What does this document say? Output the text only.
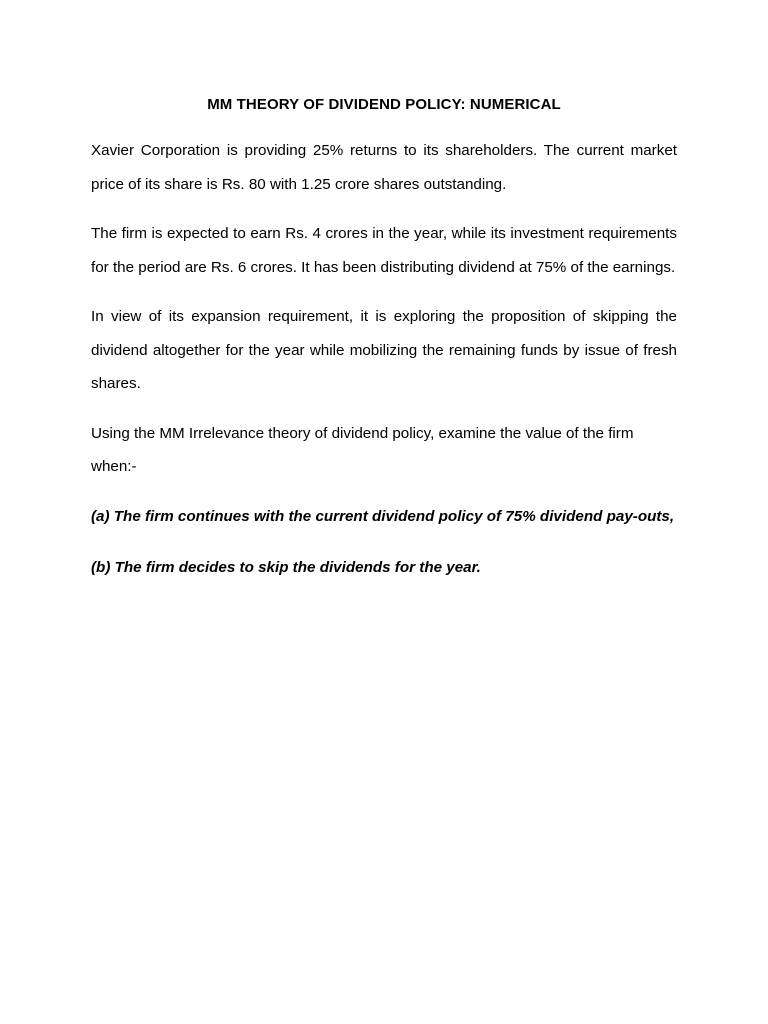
MM THEORY OF DIVIDEND POLICY: NUMERICAL

Xavier Corporation is providing 25% returns to its shareholders. The current market price of its share is Rs. 80 with 1.25 crore shares outstanding.

The firm is expected to earn Rs. 4 crores in the year, while its investment requirements for the period are Rs. 6 crores. It has been distributing dividend at 75% of the earnings.

In view of its expansion requirement, it is exploring the proposition of skipping the dividend altogether for the year while mobilizing the remaining funds by issue of fresh shares.

Using the MM Irrelevance theory of dividend policy, examine the value of the firm when:-

(a) The firm continues with the current dividend policy of 75% dividend pay-outs,

(b) The firm decides to skip the dividends for the year.
